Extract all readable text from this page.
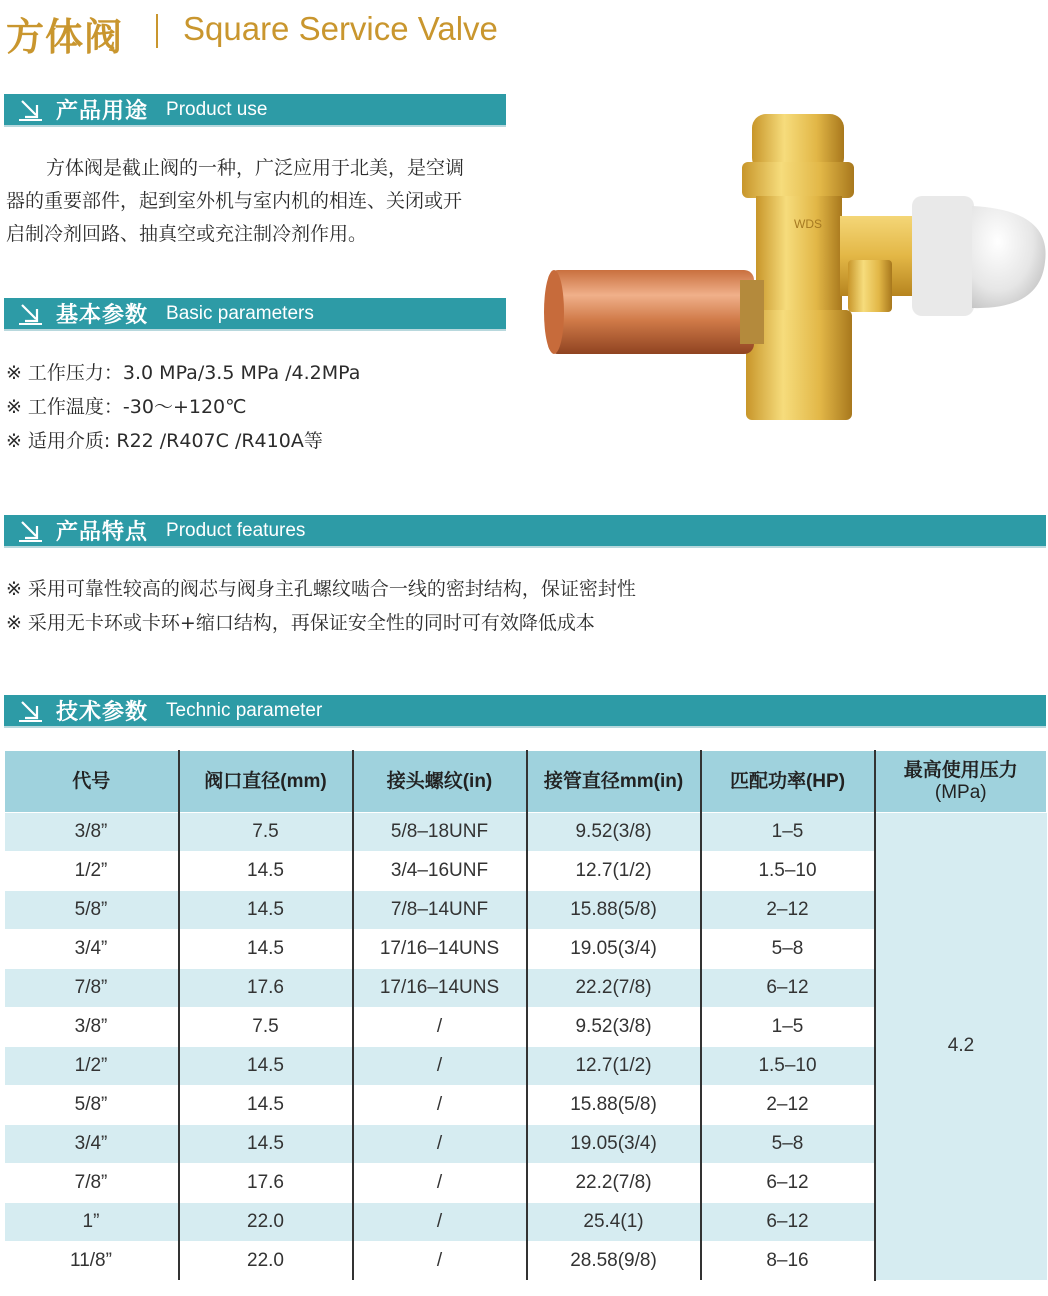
方体阀 Square Service Valve
产品用途 Product use
方体阀是截止阀的一种，广泛应用于北美，是空调
器的重要部件，起到室外机与室内机的相连、关闭或开
启制冷剂回路、抽真空或充注制冷剂作用。
基本参数 Basic parameters
※ 工作压力：3.0 MPa/3.5 MPa /4.2MPa
※ 工作温度：-30～+120℃
※ 适用介质: R22 /R407C /R410A等
WDS
产品特点 Product features
※ 采用可靠性较高的阀芯与阀身主孔螺纹啮合一线的密封结构，保证密封性
※ 采用无卡环或卡环+缩口结构，再保证安全性的同时可有效降低成本
技术参数 Technic parameter
代号	阀口直径(mm)	接头螺纹(in)	接管直径mm(in)	匹配功率(HP)	最高使用压力
(MPa)

3/8”	7.5	5/8–18UNF	9.52(3/8)	1–5	4.2
1/2”	14.5	3/4–16UNF	12.7(1/2)	1.5–10	
5/8”	14.5	7/8–14UNF	15.88(5/8)	2–12	
3/4”	14.5	17/16–14UNS	19.05(3/4)	5–8	
7/8”	17.6	17/16–14UNS	22.2(7/8)	6–12	
3/8”	7.5	/	9.52(3/8)	1–5	
1/2”	14.5	/	12.7(1/2)	1.5–10	
5/8”	14.5	/	15.88(5/8)	2–12	
3/4”	14.5	/	19.05(3/4)	5–8	
7/8”	17.6	/	22.2(7/8)	6–12	
1”	22.0	/	25.4(1)	6–12	
11/8”	22.0	/	28.58(9/8)	8–16	
